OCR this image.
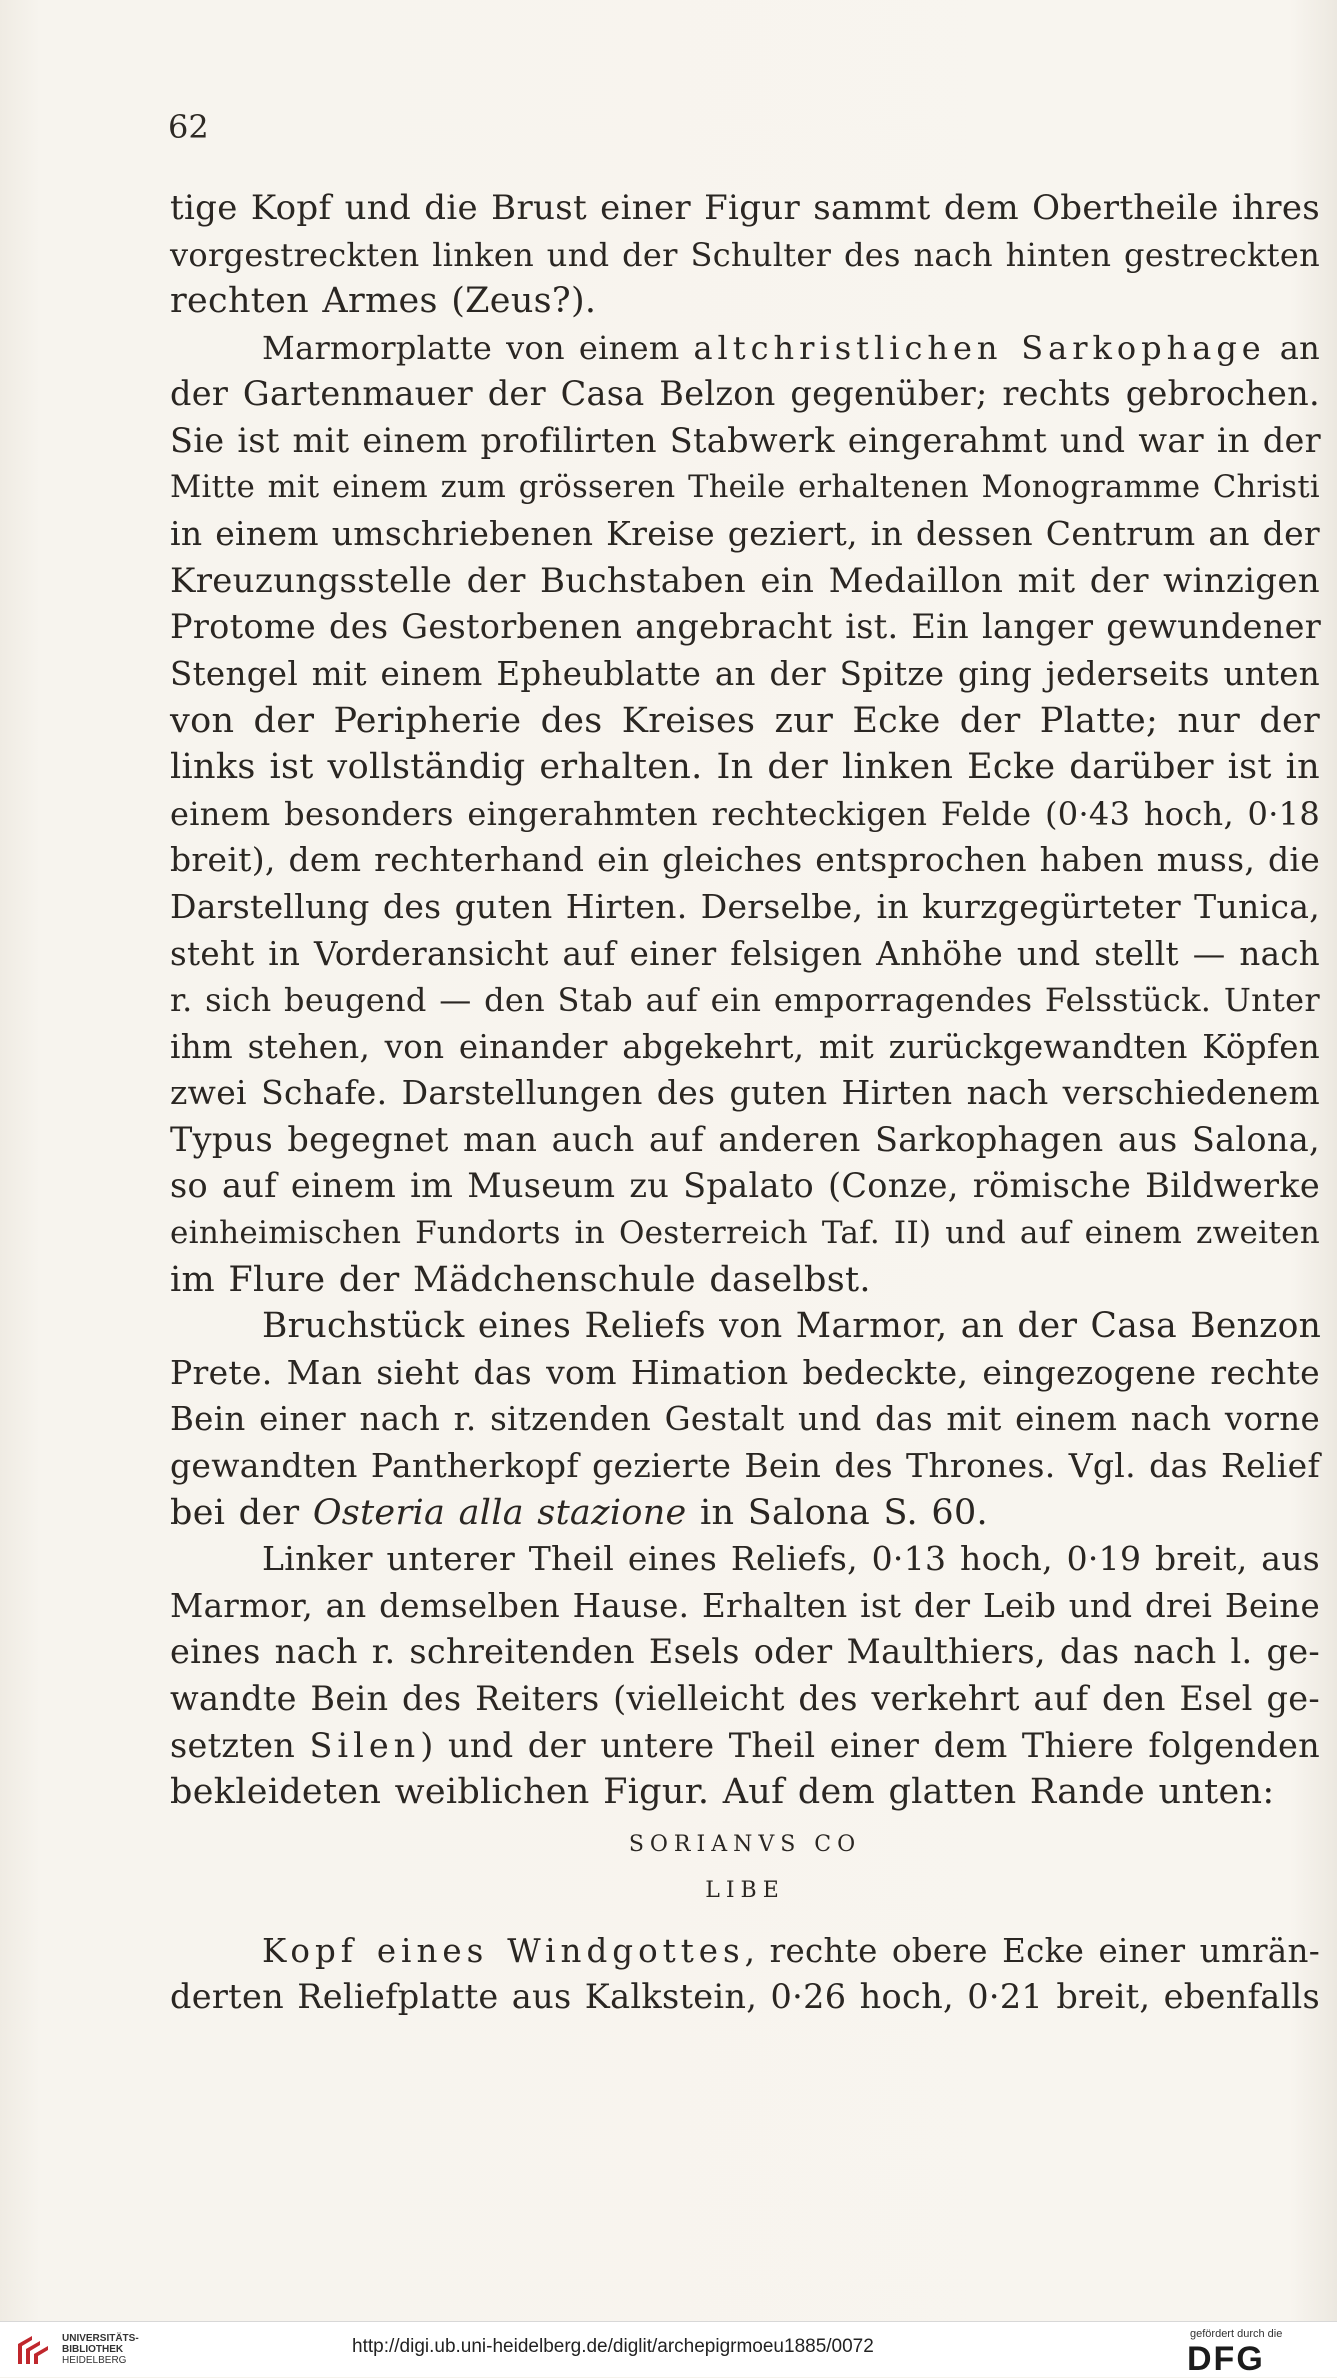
62
tige Kopf und die Brust einer Figur sammt dem Obertheile ihres
vorgestreckten linken und der Schulter des nach hinten gestreckten
rechten Armes (Zeus?).
Marmorplatte von einem altchristlichen Sarkophage an
der Gartenmauer der Casa Belzon gegenüber; rechts gebrochen.
Sie ist mit einem profilirten Stabwerk eingerahmt und war in der
Mitte mit einem zum grösseren Theile erhaltenen Monogramme Christi
in einem umschriebenen Kreise geziert, in dessen Centrum an der
Kreuzungsstelle der Buchstaben ein Medaillon mit der winzigen
Protome des Gestorbenen angebracht ist. Ein langer gewundener
Stengel mit einem Epheublatte an der Spitze ging jederseits unten
von der Peripherie des Kreises zur Ecke der Platte; nur der
links ist vollständig erhalten. In der linken Ecke darüber ist in
einem besonders eingerahmten rechteckigen Felde (0·43 hoch, 0·18
breit), dem rechterhand ein gleiches entsprochen haben muss, die
Darstellung des guten Hirten. Derselbe, in kurzgegürteter Tunica,
steht in Vorderansicht auf einer felsigen Anhöhe und stellt — nach
r. sich beugend — den Stab auf ein emporragendes Felsstück. Unter
ihm stehen, von einander abgekehrt, mit zurückgewandten Köpfen
zwei Schafe. Darstellungen des guten Hirten nach verschiedenem
Typus begegnet man auch auf anderen Sarkophagen aus Salona,
so auf einem im Museum zu Spalato (Conze, römische Bildwerke
einheimischen Fundorts in Oesterreich Taf. II) und auf einem zweiten
im Flure der Mädchenschule daselbst.
Bruchstück eines Reliefs von Marmor, an der Casa Benzon
Prete. Man sieht das vom Himation bedeckte, eingezogene rechte
Bein einer nach r. sitzenden Gestalt und das mit einem nach vorne
gewandten Pantherkopf gezierte Bein des Thrones. Vgl. das Relief
bei der Osteria alla stazione in Salona S. 60.
Linker unterer Theil eines Reliefs, 0·13 hoch, 0·19 breit, aus
Marmor, an demselben Hause. Erhalten ist der Leib und drei Beine
eines nach r. schreitenden Esels oder Maulthiers, das nach l. ge-
wandte Bein des Reiters (vielleicht des verkehrt auf den Esel ge-
setzten Silen) und der untere Theil einer dem Thiere folgenden
bekleideten weiblichen Figur. Auf dem glatten Rande unten:
SORIANVS CO
LIBE
Kopf eines Windgottes, rechte obere Ecke einer umrän-
derten Reliefplatte aus Kalkstein, 0·26 hoch, 0·21 breit, ebenfalls
UNIVERSITÄTS-
BIBLIOTHEK
HEIDELBERG
http://digi.ub.uni-heidelberg.de/diglit/archepigrmoeu1885/0072
gefördert durch die
DFG
